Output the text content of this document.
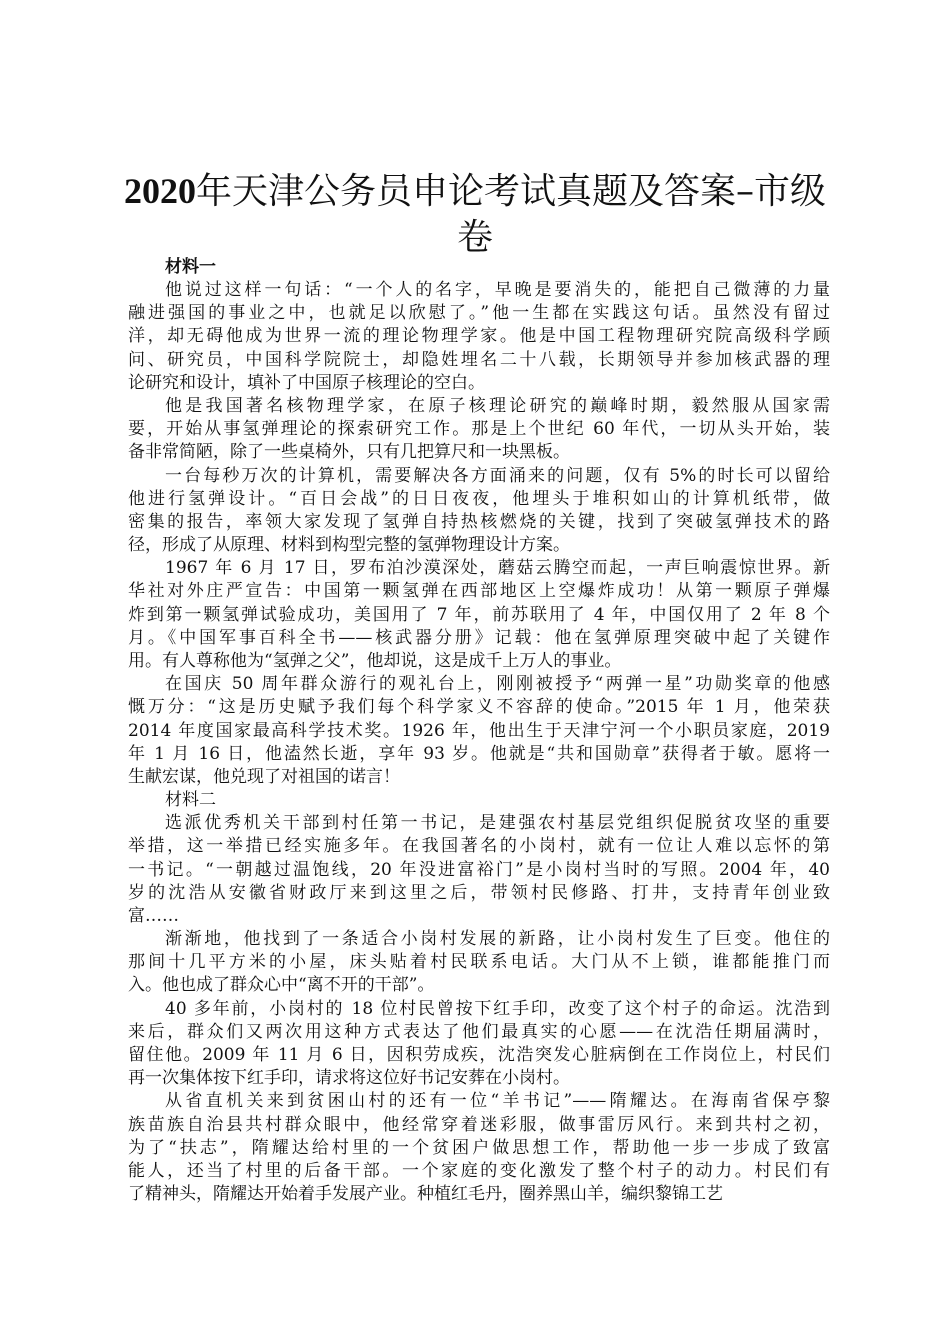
2020年天津公务员申论考试真题及答案–市级
卷
材料一
他说过这样一句话：“一个人的名字，早晚是要消失的，能把自己微薄的力量
融进强国的事业之中，也就足以欣慰了。”他一生都在实践这句话。虽然没有留过
洋，却无碍他成为世界一流的理论物理学家。他是中国工程物理研究院高级科学顾
问、研究员，中国科学院院士，却隐姓埋名二十八载，长期领导并参加核武器的理
论研究和设计，填补了中国原子核理论的空白。
他是我国著名核物理学家，在原子核理论研究的巅峰时期，毅然服从国家需
要，开始从事氢弹理论的探索研究工作。那是上个世纪 60 年代，一切从头开始，装
备非常简陋，除了一些桌椅外，只有几把算尺和一块黑板。
一台每秒万次的计算机，需要解决各方面涌来的问题，仅有 5%的时长可以留给
他进行氢弹设计。“百日会战”的日日夜夜，他埋头于堆积如山的计算机纸带，做
密集的报告，率领大家发现了氢弹自持热核燃烧的关键，找到了突破氢弹技术的路
径，形成了从原理、材料到构型完整的氢弹物理设计方案。
1967 年 6 月 17 日，罗布泊沙漠深处，蘑菇云腾空而起，一声巨响震惊世界。新
华社对外庄严宣告：中国第一颗氢弹在西部地区上空爆炸成功！从第一颗原子弹爆
炸到第一颗氢弹试验成功，美国用了 7 年，前苏联用了 4 年，中国仅用了 2 年 8 个
月。《中国军事百科全书——核武器分册》记载：他在氢弹原理突破中起了关键作
用。有人尊称他为“氢弹之父”，他却说，这是成千上万人的事业。
在国庆 50 周年群众游行的观礼台上，刚刚被授予“两弹一星”功勋奖章的他感
慨万分：“这是历史赋予我们每个科学家义不容辞的使命。”2015 年 1 月，他荣获
2014 年度国家最高科学技术奖。1926 年，他出生于天津宁河一个小职员家庭，2019
年 1 月 16 日，他溘然长逝，享年 93 岁。他就是“共和国勋章”获得者于敏。愿将一
生献宏谋，他兑现了对祖国的诺言！
材料二
选派优秀机关干部到村任第一书记，是建强农村基层党组织促脱贫攻坚的重要
举措，这一举措已经实施多年。在我国著名的小岗村，就有一位让人难以忘怀的第
一书记。“一朝越过温饱线，20 年没进富裕门”是小岗村当时的写照。2004 年，40
岁的沈浩从安徽省财政厅来到这里之后，带领村民修路、打井，支持青年创业致
富……
渐渐地，他找到了一条适合小岗村发展的新路，让小岗村发生了巨变。他住的
那间十几平方米的小屋，床头贴着村民联系电话。大门从不上锁，谁都能推门而
入。他也成了群众心中“离不开的干部”。
40 多年前，小岗村的 18 位村民曾按下红手印，改变了这个村子的命运。沈浩到
来后，群众们又两次用这种方式表达了他们最真实的心愿——在沈浩任期届满时，
留住他。2009 年 11 月 6 日，因积劳成疾，沈浩突发心脏病倒在工作岗位上，村民们
再一次集体按下红手印，请求将这位好书记安葬在小岗村。
从省直机关来到贫困山村的还有一位“羊书记”——隋耀达。在海南省保亭黎
族苗族自治县共村群众眼中，他经常穿着迷彩服，做事雷厉风行。来到共村之初，
为了“扶志”，隋耀达给村里的一个贫困户做思想工作，帮助他一步一步成了致富
能人，还当了村里的后备干部。一个家庭的变化激发了整个村子的动力。村民们有
了精神头，隋耀达开始着手发展产业。种植红毛丹，圈养黑山羊，编织黎锦工艺
